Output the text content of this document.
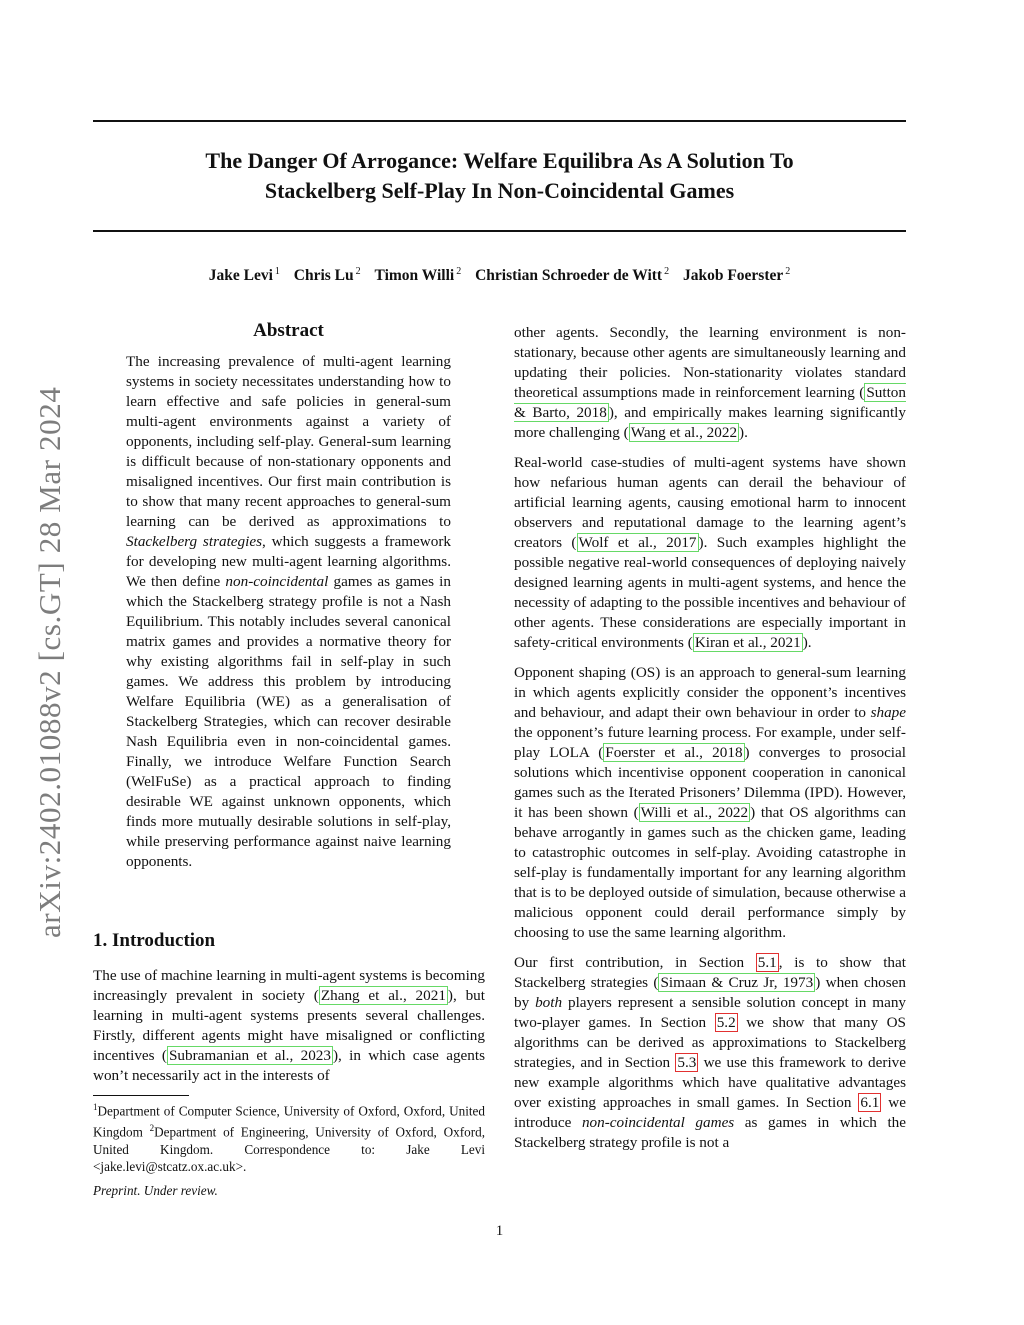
The Danger Of Arrogance: Welfare Equilibra As A Solution To
Stackelberg Self-Play In Non-Coincidental Games
Jake Levi $^1$ Chris Lu $^2$ Timon Willi $^2$ Christian Schroeder de Witt $^2$ Jakob Foerster $^2$
arXiv:2402.01088v2 [cs.GT] 28 Mar 2024
Abstract
The increasing prevalence of multi-agent learning systems in society necessitates understanding how to learn effective and safe policies in general-sum multi-agent environments against a variety of opponents, including self-play. General-sum learning is difficult because of non-stationary opponents and misaligned incentives. Our first main contribution is to show that many recent approaches to general-sum learning can be derived as approximations to Stackelberg strategies, which suggests a framework for developing new multi-agent learning algorithms. We then define non-coincidental games as games in which the Stackelberg strategy profile is not a Nash Equilibrium. This notably includes several canonical matrix games and provides a normative theory for why existing algorithms fail in self-play in such games. We address this problem by introducing Welfare Equilibria (WE) as a generalisation of Stackelberg Strategies, which can recover desirable Nash Equilibria even in non-coincidental games. Finally, we introduce Welfare Function Search (WelFuSe) as a practical approach to finding desirable WE against unknown opponents, which finds more mutually desirable solutions in self-play, while preserving performance against naive learning opponents.
1. Introduction
The use of machine learning in multi-agent systems is becoming increasingly prevalent in society ( Zhang et al., 2021 ), but learning in multi-agent systems presents several challenges. Firstly, different agents might have misaligned or conflicting incentives ( Subramanian et al., 2023 ), in which case agents won’t necessarily act in the interests of
$^1$Department of Computer Science, University of Oxford, Oxford, United Kingdom $^2$Department of Engineering, University of Oxford, Oxford, United Kingdom. Correspondence to: Jake Levi <jake.levi@stcatz.ox.ac.uk>.
Preprint. Under review.

other agents. Secondly, the learning environment is non-stationary, because other agents are simultaneously learning and updating their policies. Non-stationarity violates standard theoretical assumptions made in reinforcement learning ( Sutton & Barto, 2018 ), and empirically makes learning significantly more challenging ( Wang et al., 2022 ).

Real-world case-studies of multi-agent systems have shown how nefarious human agents can derail the behaviour of artificial learning agents, causing emotional harm to innocent observers and reputational damage to the learning agent’s creators ( Wolf et al., 2017 ). Such examples highlight the possible negative real-world consequences of deploying naively designed learning agents in multi-agent systems, and hence the necessity of adapting to the possible incentives and behaviour of other agents. These considerations are especially important in safety-critical environments ( Kiran et al., 2021 ).

Opponent shaping (OS) is an approach to general-sum learning in which agents explicitly consider the opponent’s incentives and behaviour, and adapt their own behaviour in order to shape the opponent’s future learning process. For example, under self-play LOLA ( Foerster et al., 2018 ) converges to prosocial solutions which incentivise opponent cooperation in canonical games such as the Iterated Prisoners’ Dilemma (IPD). However, it has been shown ( Willi et al., 2022 ) that OS algorithms can behave arrogantly in games such as the chicken game, leading to catastrophic outcomes in self-play. Avoiding catastrophe in self-play is fundamentally important for any learning algorithm that is to be deployed outside of simulation, because otherwise a malicious opponent could derail performance simply by choosing to use the same learning algorithm.

Our first contribution, in Section 5.1 , is to show that Stackelberg strategies ( Simaan & Cruz Jr, 1973 ) when chosen by both players represent a sensible solution concept in many two-player games. In Section 5.2 we show that many OS algorithms can be derived as approximations to Stackelberg strategies, and in Section 5.3 we use this framework to derive new example algorithms which have qualitative advantages over existing approaches in small games. In Section 6.1 we introduce non-coincidental games as games in which the Stackelberg strategy profile is not a

1
